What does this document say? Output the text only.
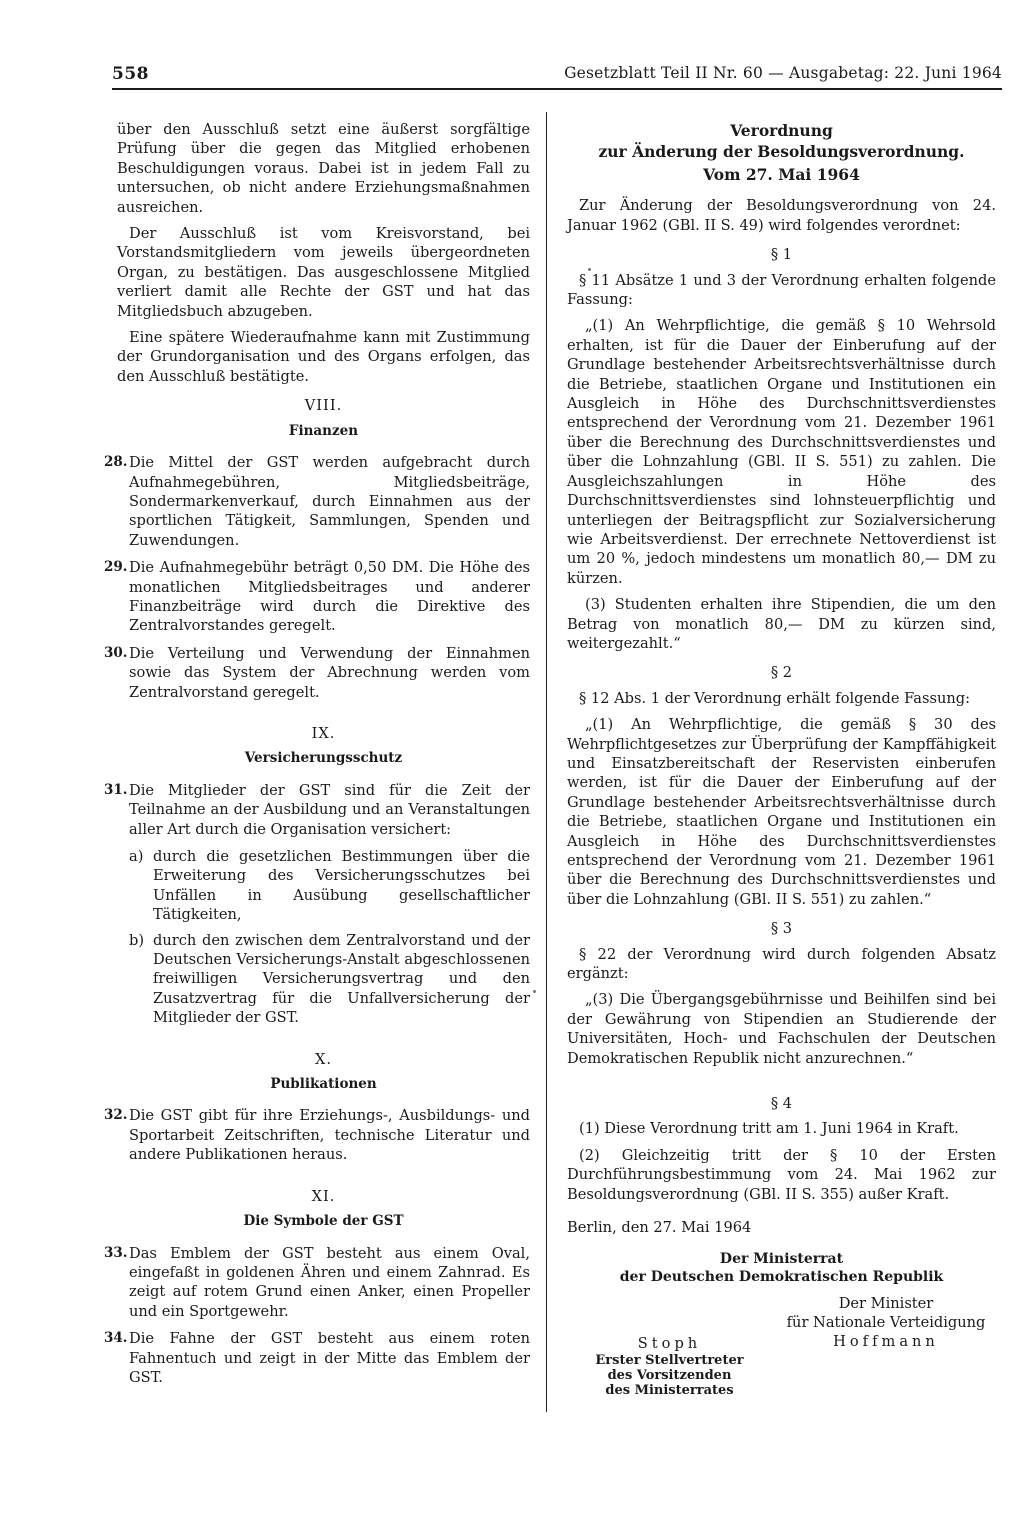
558	Gesetzblatt Teil II Nr. 60 — Ausgabetag: 22. Juni 1964

über den Ausschluß setzt eine äußerst sorgfältige Prüfung über die gegen das Mitglied erhobenen Beschuldigungen voraus. Dabei ist in jedem Fall zu untersuchen, ob nicht andere Erziehungsmaßnahmen ausreichen.

Der Ausschluß ist vom Kreisvorstand, bei Vorstandsmitgliedern vom jeweils übergeordneten Organ, zu bestätigen. Das ausgeschlossene Mitglied verliert damit alle Rechte der GST und hat das Mitgliedsbuch abzugeben.

Eine spätere Wiederaufnahme kann mit Zustimmung der Grundorganisation und des Organs erfolgen, das den Ausschluß bestätigte.

VIII.
Finanzen
28. Die Mittel der GST werden aufgebracht durch Aufnahmegebühren, Mitgliedsbeiträge, Sondermarkenverkauf, durch Einnahmen aus der sportlichen Tätigkeit, Sammlungen, Spenden und Zuwendungen.
29. Die Aufnahmegebühr beträgt 0,50 DM. Die Höhe des monatlichen Mitgliedsbeitrages und anderer Finanzbeiträge wird durch die Direktive des Zentralvorstandes geregelt.
30. Die Verteilung und Verwendung der Einnahmen sowie das System der Abrechnung werden vom Zentralvorstand geregelt.
IX.
Versicherungsschutz
31. Die Mitglieder der GST sind für die Zeit der Teilnahme an der Ausbildung und an Veranstaltungen aller Art durch die Organisation versichert:
a) durch die gesetzlichen Bestimmungen über die Erweiterung des Versicherungsschutzes bei Unfällen in Ausübung gesellschaftlicher Tätigkeiten,
b) durch den zwischen dem Zentralvorstand und der Deutschen Versicherungs-Anstalt abgeschlossenen freiwilligen Versicherungsvertrag und den Zusatzvertrag für die Unfallversicherung der Mitglieder der GST.
X.
Publikationen
32. Die GST gibt für ihre Erziehungs-, Ausbildungs- und Sportarbeit Zeitschriften, technische Literatur und andere Publikationen heraus.
XI.
Die Symbole der GST
33. Das Emblem der GST besteht aus einem Oval, eingefaßt in goldenen Ähren und einem Zahnrad. Es zeigt auf rotem Grund einen Anker, einen Propeller und ein Sportgewehr.
34. Die Fahne der GST besteht aus einem roten Fahnentuch und zeigt in der Mitte das Emblem der GST.
Verordnung
zur Änderung der Besoldungsverordnung.
Vom 27. Mai 1964

Zur Änderung der Besoldungsverordnung von 24. Januar 1962 (GBl. II S. 49) wird folgendes verordnet:

§ 1

§ 11 Absätze 1 und 3 der Verordnung erhalten folgende Fassung:

„(1) An Wehrpflichtige, die gemäß § 10 Wehrsold erhalten, ist für die Dauer der Einberufung auf der Grundlage bestehender Arbeitsrechtsverhältnisse durch die Betriebe, staatlichen Organe und Institutionen ein Ausgleich in Höhe des Durchschnittsverdienstes entsprechend der Verordnung vom 21. Dezember 1961 über die Berechnung des Durchschnittsverdienstes und über die Lohnzahlung (GBl. II S. 551) zu zahlen. Die Ausgleichszahlungen in Höhe des Durchschnittsverdienstes sind lohnsteuerpflichtig und unterliegen der Beitragspflicht zur Sozialversicherung wie Arbeitsverdienst. Der errechnete Nettoverdienst ist um 20 %, jedoch mindestens um monatlich 80,— DM zu kürzen.

(3) Studenten erhalten ihre Stipendien, die um den Betrag von monatlich 80,— DM zu kürzen sind, weitergezahlt.“

§ 2

§ 12 Abs. 1 der Verordnung erhält folgende Fassung:

„(1) An Wehrpflichtige, die gemäß § 30 des Wehrpflichtgesetzes zur Überprüfung der Kampffähigkeit und Einsatzbereitschaft der Reservisten einberufen werden, ist für die Dauer der Einberufung auf der Grundlage bestehender Arbeitsrechtsverhältnisse durch die Betriebe, staatlichen Organe und Institutionen ein Ausgleich in Höhe des Durchschnittsverdienstes entsprechend der Verordnung vom 21. Dezember 1961 über die Berechnung des Durchschnittsverdienstes und über die Lohnzahlung (GBl. II S. 551) zu zahlen.“

§ 3

§ 22 der Verordnung wird durch folgenden Absatz ergänzt:

„(3) Die Übergangsgebührnisse und Beihilfen sind bei der Gewährung von Stipendien an Studierende der Universitäten, Hoch- und Fachschulen der Deutschen Demokratischen Republik nicht anzurechnen.“

§ 4

(1) Diese Verordnung tritt am 1. Juni 1964 in Kraft.

(2) Gleichzeitig tritt der § 10 der Ersten Durchführungsbestimmung vom 24. Mai 1962 zur Besoldungsverordnung (GBl. II S. 355) außer Kraft.

Berlin, den 27. Mai 1964

Der Ministerrat
der Deutschen Demokratischen Republik
Der Minister
für Nationale Verteidigung
Hoffmann
Stoph
Erster Stellvertreter
des Vorsitzenden
des Ministerrates
